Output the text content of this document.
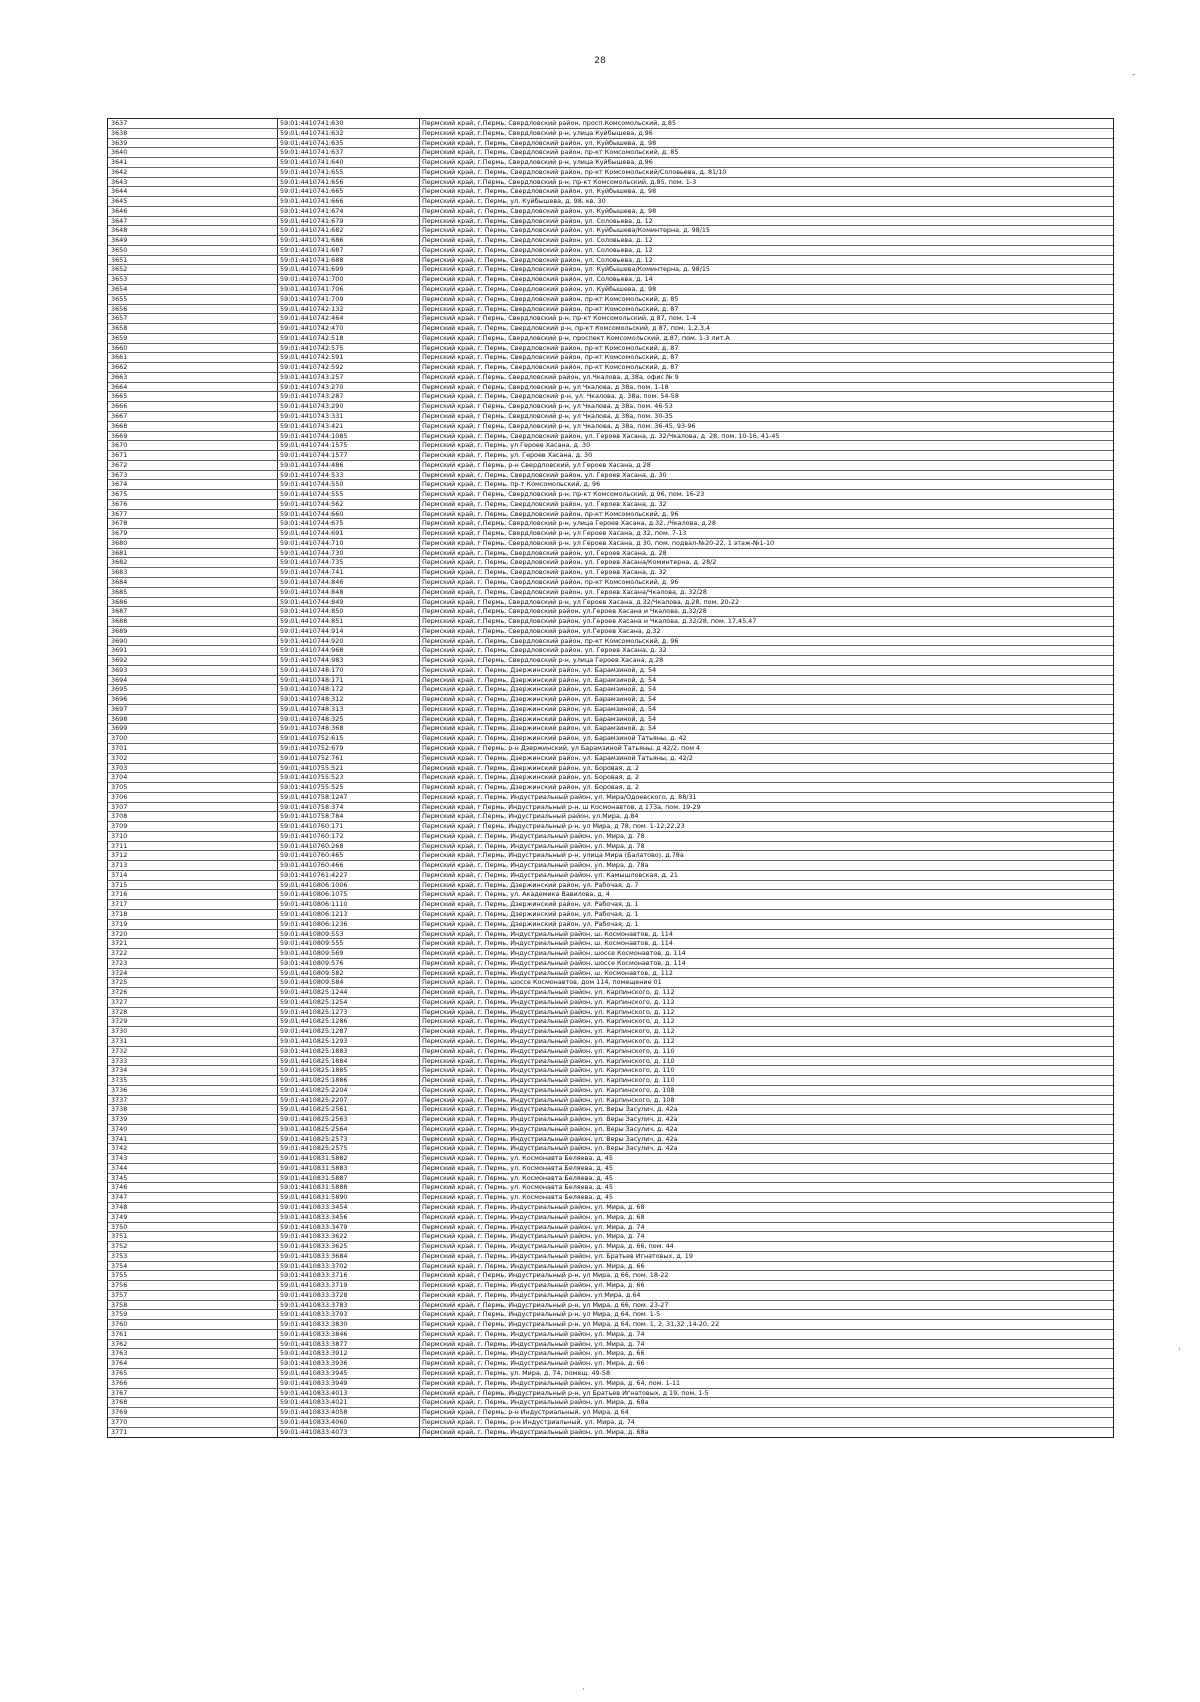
28
-
·
·
3637	59:01:4410741:630	Пермский край, г.Пермь, Свердловский район, просп.Комсомольский, д.85
3638	59:01:4410741:632	Пермский край, г.Пермь, Свердловский р-н, улица Куйбышева, д.96
3639	59:01:4410741:635	Пермский край, г. Пермь, Свердловский район, ул. Куйбышева, д. 98
3640	59:01:4410741:637	Пермский край, г. Пермь, Свердловский район, пр-кт Комсомольский, д. 85
3641	59:01:4410741:640	Пермский край, г.Пермь, Свердловский р-н, улица Куйбышева, д.96
3642	59:01:4410741:655	Пермский край, г. Пермь, Свердловский район, пр-кт Комсомольский/Соловьева, д. 81/10
3643	59:01:4410741:656	Пермский край, г.Пермь, Свердловский р-н, пр-кт Комсомольский, д.85, пом. 1-3
3644	59:01:4410741:665	Пермский край, г. Пермь, Свердловский район, ул. Куйбышева, д. 98
3645	59:01:4410741:666	Пермский край, г. Пермь, ул. Куйбышева, д. 98, кв. 30
3646	59:01:4410741:674	Пермский край, г. Пермь, Свердловский район, ул. Куйбышева, д. 98
3647	59:01:4410741:679	Пермский край, г. Пермь, Свердловский район, ул. Соловьева, д. 12
3648	59:01:4410741:682	Пермский край, г. Пермь, Свердловский район, ул. Куйбышева/Коминтерна, д. 98/15
3649	59:01:4410741:686	Пермский край, г. Пермь, Свердловский район, ул. Соловьева, д. 12
3650	59:01:4410741:687	Пермский край, г. Пермь, Свердловский район, ул. Соловьева, д. 12
3651	59:01:4410741:688	Пермский край, г. Пермь, Свердловский район, ул. Соловьева, д. 12
3652	59:01:4410741:699	Пермский край, г. Пермь, Свердловский район, ул. Куйбышева/Коминтерна, д. 98/15
3653	59:01:4410741:700	Пермский край, г. Пермь, Свердловский район, ул. Соловьева, д. 14
3654	59:01:4410741:706	Пермский край, г. Пермь, Свердловский район, ул. Куйбышева, д. 98
3655	59:01:4410741:709	Пермский край, г. Пермь, Свердловский район, пр-кт Комсомольский, д. 85
3656	59:01:4410742:132	Пермский край, г. Пермь, Свердловский район, пр-кт Комсомольский, д. 87
3657	59:01:4410742:464	Пермский край, г Пермь, Свердловский р-н, пр-кт Комсомольский, д 87, пом. 1-4
3658	59:01:4410742:470	Пермский край, г. Пермь, Свердловский р-н, пр-кт Комсомольский, д 87, пом. 1,2,3,4
3659	59:01:4410742:518	Пермский край, г.Пермь, Свердловский р-н, проспект Комсомольский, д.87, пом. 1-3 лит.А
3660	59:01:4410742:575	Пермский край, г. Пермь, Свердловский район, пр-кт Комсомольский, д. 87
3661	59:01:4410742:591	Пермский край, г. Пермь, Свердловский район, пр-кт Комсомольский, д. 87
3662	59:01:4410742:592	Пермский край, г. Пермь, Свердловский район, пр-кт Комсомольский, д. 87
3663	59:01:4410743:257	Пермский край, г.Пермь, Свердловский район, ул.Чкалова, д.38а, офис № 9
3664	59:01:4410743:270	Пермский край, г Пермь, Свердловский р-н, ул Чкалова, д 38а, пом. 1-18
3665	59:01:4410743:287	Пермский край, г. Пермь, Свердловский р-н, ул. Чкалова, д. 38а, пом. 54-58
3666	59:01:4410743:290	Пермский край, г Пермь, Свердловский р-н, ул Чкалова, д 38а, пом. 46-53
3667	59:01:4410743:331	Пермский край, г Пермь, Свердловский р-н, ул Чкалова, д 38а, пом. 30-35
3668	59:01:4410743:421	Пермский край, г Пермь, Свердловский р-н, ул Чкалова, д 38а, пом. 36-45, 93-96
3669	59:01:4410744:1085	Пермский край, г. Пермь, Свердловский район, ул. Героев Хасана, д. 32/Чкалова, д. 28, пом. 10-16, 41-45
3670	59:01:4410744:1575	Пермский край, г. Пермь, ул Героев Хасана, д. 30
3671	59:01:4410744:1577	Пермский край, г. Пермь, ул. Героев Хасана, д. 30
3672	59:01:4410744:486	Пермский край, г Пермь, р-н Свердловский, ул Героев Хасана, д 28
3673	59:01:4410744:533	Пермский край, г. Пермь, Свердловский район, ул. Героев Хасана, д. 30
3674	59:01:4410744:550	Пермский край, г. Пермь, пр-т Комсомольский, д. 96
3675	59:01:4410744:555	Пермский край, г Пермь, Свердловский р-н, пр-кт Комсомольский, д 96, пом. 16-23
3676	59:01:4410744:562	Пермский край, г. Пермь, Свердловский район, ул. Героев Хасана, д. 32
3677	59:01:4410744:660	Пермский край, г. Пермь, Свердловский район, пр-кт Комсомольский, д. 96
3678	59:01:4410744:675	Пермский край, г.Пермь, Свердловский р-н, улица Героев Хасана, д.32, /Чкалова, д.28
3679	59:01:4410744:691	Пермский край, г Пермь, Свердловский р-н, ул Героев Хасана, д 32, пом. 7-13
3680	59:01:4410744:710	Пермский край, г Пермь, Свердловский р-н, ул Героев Хасана, д 30, пом. подвал-№20-22, 1 этаж-№1-10
3681	59:01:4410744:730	Пермский край, г. Пермь, Свердловский район, ул. Героев Хасана, д. 28
3682	59:01:4410744:735	Пермский край, г. Пермь, Свердловский район, ул. Героев Хасана/Коминтерна, д. 28/2
3683	59:01:4410744:741	Пермский край, г. Пермь, Свердловский район, ул. Героев Хасана, д. 32
3684	59:01:4410744:846	Пермский край, г. Пермь, Свердловский район, пр-кт Комсомольский, д. 96
3685	59:01:4410744:848	Пермский край, г. Пермь, Свердловский район, ул. Героев Хасана/Чкалова, д. 32/28
3686	59:01:4410744:849	Пермский край, г Пермь, Свердловский р-н, ул Героев Хасана, д 32/Чкалова, д.28, пом. 20-22
3687	59:01:4410744:850	Пермский край, г.Пермь, Свердловский район, ул.Героев Хасана и Чкалова, д.32/28
3688	59:01:4410744:851	Пермский край, г.Пермь, Свердловский район, ул.Героев Хасана и Чкалова, д.32/28, пом. 17,45,47
3689	59:01:4410744:914	Пермский край, г.Пермь, Свердловский район, ул.Героев Хасана, д.32
3690	59:01:4410744:920	Пермский край, г. Пермь, Свердловский район, пр-кт Комсомольский, д. 96
3691	59:01:4410744:968	Пермский край, г. Пермь, Свердловский район, ул. Героев Хасана, д. 32
3692	59:01:4410744:983	Пермский край, г.Пермь, Свердловский р-н, улица Героев Хасана, д.28
3693	59:01:4410748:170	Пермский край, г. Пермь, Дзержинский район, ул. Барамзиной, д. 54
3694	59:01:4410748:171	Пермский край, г. Пермь, Дзержинский район, ул. Барамзиной, д. 54
3695	59:01:4410748:172	Пермский край, г. Пермь, Дзержинский район, ул. Барамзиной, д. 54
3696	59:01:4410748:312	Пермский край, г. Пермь, Дзержинский район, ул. Барамзиной, д. 54
3697	59:01:4410748:313	Пермский край, г. Пермь, Дзержинский район, ул. Барамзиной, д. 54
3698	59:01:4410748:325	Пермский край, г. Пермь, Дзержинский район, ул. Барамзиной, д. 54
3699	59:01:4410748:368	Пермский край, г. Пермь, Дзержинский район, ул. Барамзиной, д. 54
3700	59:01:4410752:615	Пермский край, г. Пермь, Дзержинский район, ул. Барамзиной Татьяны, д. 42
3701	59:01:4410752:679	Пермский край, г Пермь, р-н Дзержинский, ул Барамзиной Татьяны, д 42/2, пом 4
3702	59:01:4410752:761	Пермский край, г. Пермь, Дзержинский район, ул. Барамзиной Татьяны, д. 42/2
3703	59:01:4410755:521	Пермский край, г. Пермь, Дзержинский район, ул. Боровая, д. 2
3704	59:01:4410755:523	Пермский край, г. Пермь, Дзержинский район, ул. Боровая, д. 2
3705	59:01:4410755:525	Пермский край, г. Пермь, Дзержинский район, ул. Боровая, д. 2
3706	59:01:4410758:1247	Пермский край, г. Пермь, Индустриальный район, ул. Мира/Одоевского, д. 88/31
3707	59:01:4410758:374	Пермский край, г Пермь, Индустриальный р-н, ш Космонавтов, д 173а, пом. 19-29
3708	59:01:4410758:784	Пермский край, г.Пермь, Индустриальный район, ул.Мира, д.84
3709	59:01:4410760:171	Пермский край, г Пермь, Индустриальный р-н, ул Мира, д 78, пом. 1-12,22,23
3710	59:01:4410760:172	Пермский край, г. Пермь, Индустриальный район, ул. Мира, д. 78
3711	59:01:4410760:268	Пермский край, г. Пермь, Индустриальный район, ул. Мира, д. 78
3712	59:01:4410760:465	Пермский край, г.Пермь, Индустриальный р-н, улица Мира (Балатово), д.78а
3713	59:01:4410760:466	Пермский край, г. Пермь, Индустриальный район, ул. Мира, д. 78а
3714	59:01:4410761:4227	Пермский край, г. Пермь, Индустриальный район, ул. Камышловская, д. 21
3715	59:01:4410806:1006	Пермский край, г. Пермь, Дзержинский район, ул. Рабочая, д. 7
3716	59:01:4410806:1075	Пермский край, г. Пермь, ул. Академика Вавилова, д. 4
3717	59:01:4410806:1110	Пермский край, г. Пермь, Дзержинский район, ул. Рабочая, д. 1
3718	59:01:4410806:1213	Пермский край, г. Пермь, Дзержинский район, ул. Рабочая, д. 1
3719	59:01:4410806:1236	Пермский край, г. Пермь, Дзержинский район, ул. Рабочая, д. 1
3720	59:01:4410809:553	Пермский край, г. Пермь, Индустриальный район, ш. Космонавтов, д. 114
3721	59:01:4410809:555	Пермский край, г. Пермь, Индустриальный район, ш. Космонавтов, д. 114
3722	59:01:4410809:569	Пермский край, г. Пермь, Индустриальный район, шоссе Космонавтов, д. 114
3723	59:01:4410809:576	Пермский край, г. Пермь, Индустриальный район, шоссе Космонавтов, д. 114
3724	59:01:4410809:582	Пермский край, г. Пермь, Индустриальный район, ш. Космонавтов, д. 112
3725	59:01:4410809:584	Пермский край, г. Пермь, шоссе Космонавтов, дом 114, помещение 01
3726	59:01:4410825:1244	Пермский край, г. Пермь, Индустриальный район, ул. Карпинского, д. 112
3727	59:01:4410825:1254	Пермский край, г. Пермь, Индустриальный район, ул. Карпинского, д. 112
3728	59:01:4410825:1273	Пермский край, г. Пермь, Индустриальный район, ул. Карпинского, д. 112
3729	59:01:4410825:1286	Пермский край, г. Пермь, Индустриальный район, ул. Карпинского, д. 112
3730	59:01:4410825:1287	Пермский край, г. Пермь, Индустриальный район, ул. Карпинского, д. 112
3731	59:01:4410825:1293	Пермский край, г. Пермь, Индустриальный район, ул. Карпинского, д. 112
3732	59:01:4410825:1883	Пермский край, г. Пермь, Индустриальный район, ул. Карпинского, д. 110
3733	59:01:4410825:1884	Пермский край, г. Пермь, Индустриальный район, ул. Карпинского, д. 110
3734	59:01:4410825:1885	Пермский край, г. Пермь, Индустриальный район, ул. Карпинского, д. 110
3735	59:01:4410825:1886	Пермский край, г. Пермь, Индустриальный район, ул. Карпинского, д. 110
3736	59:01:4410825:2204	Пермский край, г. Пермь, Индустриальный район, ул. Карпинского, д. 108
3737	59:01:4410825:2207	Пермский край, г. Пермь, Индустриальный район, ул. Карпинского, д. 108
3738	59:01:4410825:2561	Пермский край, г. Пермь, Индустриальный район, ул. Веры Засулич, д. 42а
3739	59:01:4410825:2563	Пермский край, г. Пермь, Индустриальный район, ул. Веры Засулич, д. 42а
3740	59:01:4410825:2564	Пермский край, г. Пермь, Индустриальный район, ул. Веры Засулич, д. 42а
3741	59:01:4410825:2573	Пермский край, г. Пермь, Индустриальный район, ул. Веры Засулич, д. 42а
3742	59:01:4410825:2575	Пермский край, г. Пермь, Индустриальный район, ул. Веры Засулич, д. 42а
3743	59:01:4410831:5882	Пермский край, г. Пермь, ул. Космонавта Беляева, д. 45
3744	59:01:4410831:5883	Пермский край, г. Пермь, ул. Космонавта Беляева, д. 45
3745	59:01:4410831:5887	Пермский край, г. Пермь, ул. Космонавта Беляева, д. 45
3746	59:01:4410831:5888	Пермский край, г. Пермь, ул. Космонавта Беляева, д. 45
3747	59:01:4410831:5890	Пермский край, г. Пермь, ул. Космонавта Беляева, д. 45
3748	59:01:4410833:3454	Пермский край, г. Пермь, Индустриальный район, ул. Мира, д. 68
3749	59:01:4410833:3456	Пермский край, г. Пермь, Индустриальный район, ул. Мира, д. 68
3750	59:01:4410833:3479	Пермский край, г. Пермь, Индустриальный район, ул. Мира, д. 74
3751	59:01:4410833:3622	Пермский край, г. Пермь, Индустриальный район, ул. Мира, д. 74
3752	59:01:4410833:3625	Пермский край, г. Пермь, Индустриальный район, ул. Мира, д. 66, пом. 44
3753	59:01:4410833:3684	Пермский край, г. Пермь, Индустриальный район, ул. Братьев Игнатовых, д. 19
3754	59:01:4410833:3702	Пермский край, г. Пермь, Индустриальный район, ул. Мира, д. 66
3755	59:01:4410833:3716	Пермский край, г Пермь, Индустриальный р-н, ул Мира, д 66, пом. 18-22
3756	59:01:4410833:3719	Пермский край, г. Пермь, Индустриальный район, ул. Мира, д. 66
3757	59:01:4410833:3728	Пермский край, г. Пермь, Индустриальный район, ул.Мира, д.64
3758	59:01:4410833:3783	Пермский край, г Пермь, Индустриальный р-н, ул Мира, д 66, пом. 23-27
3759	59:01:4410833:3793	Пермский край, г Пермь, Индустриальный р-н, ул Мира, д 64, пом. 1-5
3760	59:01:4410833:3830	Пермский край, г Пермь, Индустриальный р-н, ул Мира, д 64, пом. 1, 2, 31,32 ,14-20, 22
3761	59:01:4410833:3846	Пермский край, г. Пермь, Индустриальный район, ул. Мира, д. 74
3762	59:01:4410833:3877	Пермский край, г. Пермь, Индустриальный район, ул. Мира, д. 74
3763	59:01:4410833:3912	Пермский край, г. Пермь, Индустриальный район, ул. Мира, д. 66
3764	59:01:4410833:3936	Пермский край, г. Пермь, Индустриальный район, ул. Мира, д. 66
3765	59:01:4410833:3945	Пермский край, г. Пермь, ул. Мира, д. 74, помещ. 49-58
3766	59:01:4410833:3949	Пермский край, г. Пермь, Индустриальный район, ул. Мира, д. 64, пом. 1-11
3767	59:01:4410833:4013	Пермский край, г Пермь, Индустриальный р-н, ул Братьев Игнатовых, д 19, пом. 1-5
3768	59:01:4410833:4021	Пермский край, г. Пермь, Индустриальный район, ул. Мира, д. 68а
3769	59:01:4410833:4058	Пермский край, г Пермь, р-н Индустриальный, ул Мира, д 64
3770	59:01:4410833:4060	Пермский край, г. Пермь, р-н Индустриальный, ул. Мира, д. 74
3771	59:01:4410833:4073	Пермский край, г. Пермь, Индустриальный район, ул. Мира, д. 68а
